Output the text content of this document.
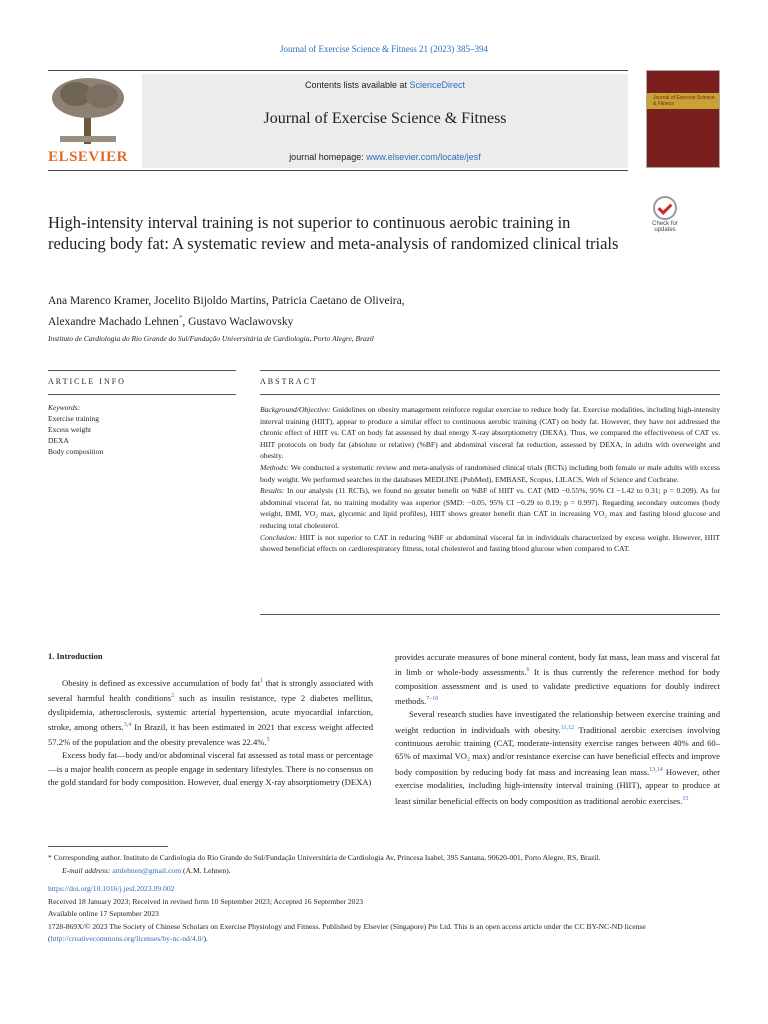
Journal of Exercise Science & Fitness 21 (2023) 385–394
ELSEVIER
Contents lists available at ScienceDirect
Journal of Exercise Science & Fitness
journal homepage: www.elsevier.com/locate/jesf
Journal of Exercise Science & Fitness
Check for
updates
High-intensity interval training is not superior to continuous aerobic training in reducing body fat: A systematic review and meta-analysis of randomized clinical trials
Ana Marenco Kramer, Jocelito Bijoldo Martins, Patricia Caetano de Oliveira,
Alexandre Machado Lehnen*, Gustavo Waclawovsky
Instituto de Cardiologia do Rio Grande do Sul/Fundação Universitária de Cardiologia, Porto Alegre, Brazil
ARTICLE INFO	ABSTRACT
Keywords:
Exercise training
Excess weight
DEXA
Body composition

Background/Objective: Guidelines on obesity management reinforce regular exercise to reduce body fat. Exercise modalities, including high-intensity interval training (HIIT), appear to produce a similar effect to continuous aerobic training (CAT) on body fat. However, they have not addressed the chronic effect of HIIT vs. CAT on body fat assessed by dual energy X-ray absorptiometry (DEXA). Thus, we compared the effectiveness of CAT vs. HIIT protocols on body fat (absolute or relative) (%BF) and abdominal visceral fat reduction, assessed by DEXA, in adults with overweight and obesity.

Methods: We conducted a systematic review and meta-analysis of randomised clinical trials (RCTs) including both female or male adults with excess body weight. We performed searches in the databases MEDLINE (PubMed), EMBASE, Scopus, LILACS, Web of Science and Cochrane.

Results: In our analysis (11 RCTs), we found no greater benefit on %BF of HIIT vs. CAT (MD −0.55%, 95% CI −1.42 to 0.31; p = 0.209). As for abdominal visceral fat, no training modality was superior (SMD: −0.05, 95% CI −0.29 to 0.19; p = 0.997). Regarding secondary outcomes (body weight, BMI, VO₂ max, glycemic and lipid profiles), HIIT shows greater benefit than CAT in increasing VO₂ max and fasting blood glucose and reducing total cholesterol.

Conclusion: HIIT is not superior to CAT in reducing %BF or abdominal visceral fat in individuals characterized by excess weight. However, HIIT showed beneficial effects on cardiorespiratory fitness, total cholesterol and fasting blood glucose when compared to CAT.

1. Introduction

Obesity is defined as excessive accumulation of body fat$^1$ that is strongly associated with several harmful health conditions$^2$ such as insulin resistance, type 2 diabetes mellitus, dyslipidemia, atherosclerosis, systemic arterial hypertension, acute myocardial infarction, stroke, among others.$^{3,4}$ In Brazil, it has been estimated in 2021 that excess weight affected 57.2% of the population and the obesity prevalence was 22.4%.$^5$

Excess body fat—body and/or abdominal visceral fat assessed as total mass or percentage—is a major health concern as people engage in sedentary lifestyles. There is no consensus on the gold standard for body composition. However, dual energy X-ray absorptiometry (DEXA)

provides accurate measures of bone mineral content, body fat mass, lean mass and visceral fat in limb or whole-body assessments.$^6$ It is thus currently the reference method for body composition assessment and is used to validate predictive equations for doubly indirect methods.$^{7-10}$

Several research studies have investigated the relationship between exercise training and weight reduction in individuals with obesity.$^{11,12}$ Traditional aerobic exercises involving continuous aerobic training (CAT, moderate-intensity exercise ranges between 40% and 60–65% of maximal VO₂ max) and/or resistance exercise can have beneficial effects and improve body composition by reducing body fat mass and increasing lean mass.$^{13,14}$ However, other exercise modalities, including high-intensity interval training (HIIT), appear to produce at least similar beneficial effects on body composition as traditional aerobic exercises.$^{15}$

* Corresponding author. Instituto de Cardiologia do Rio Grande do Sul/Fundação Universitária de Cardiologia Av, Princesa Isabel, 395 Santana, 90620-001, Porto Alegre, RS, Brazil.
E-mail address: amlehnen@gmail.com (A.M. Lehnen).
https://doi.org/10.1016/j.jesf.2023.09.002
Received 18 January 2023; Received in revised form 10 September 2023; Accepted 16 September 2023
Available online 17 September 2023
1728-869X/© 2023 The Society of Chinese Scholars on Exercise Physiology and Fitness. Published by Elsevier (Singapore) Pte Ltd. This is an open access article under the CC BY-NC-ND license (http://creativecommons.org/licenses/by-nc-nd/4.0/).
